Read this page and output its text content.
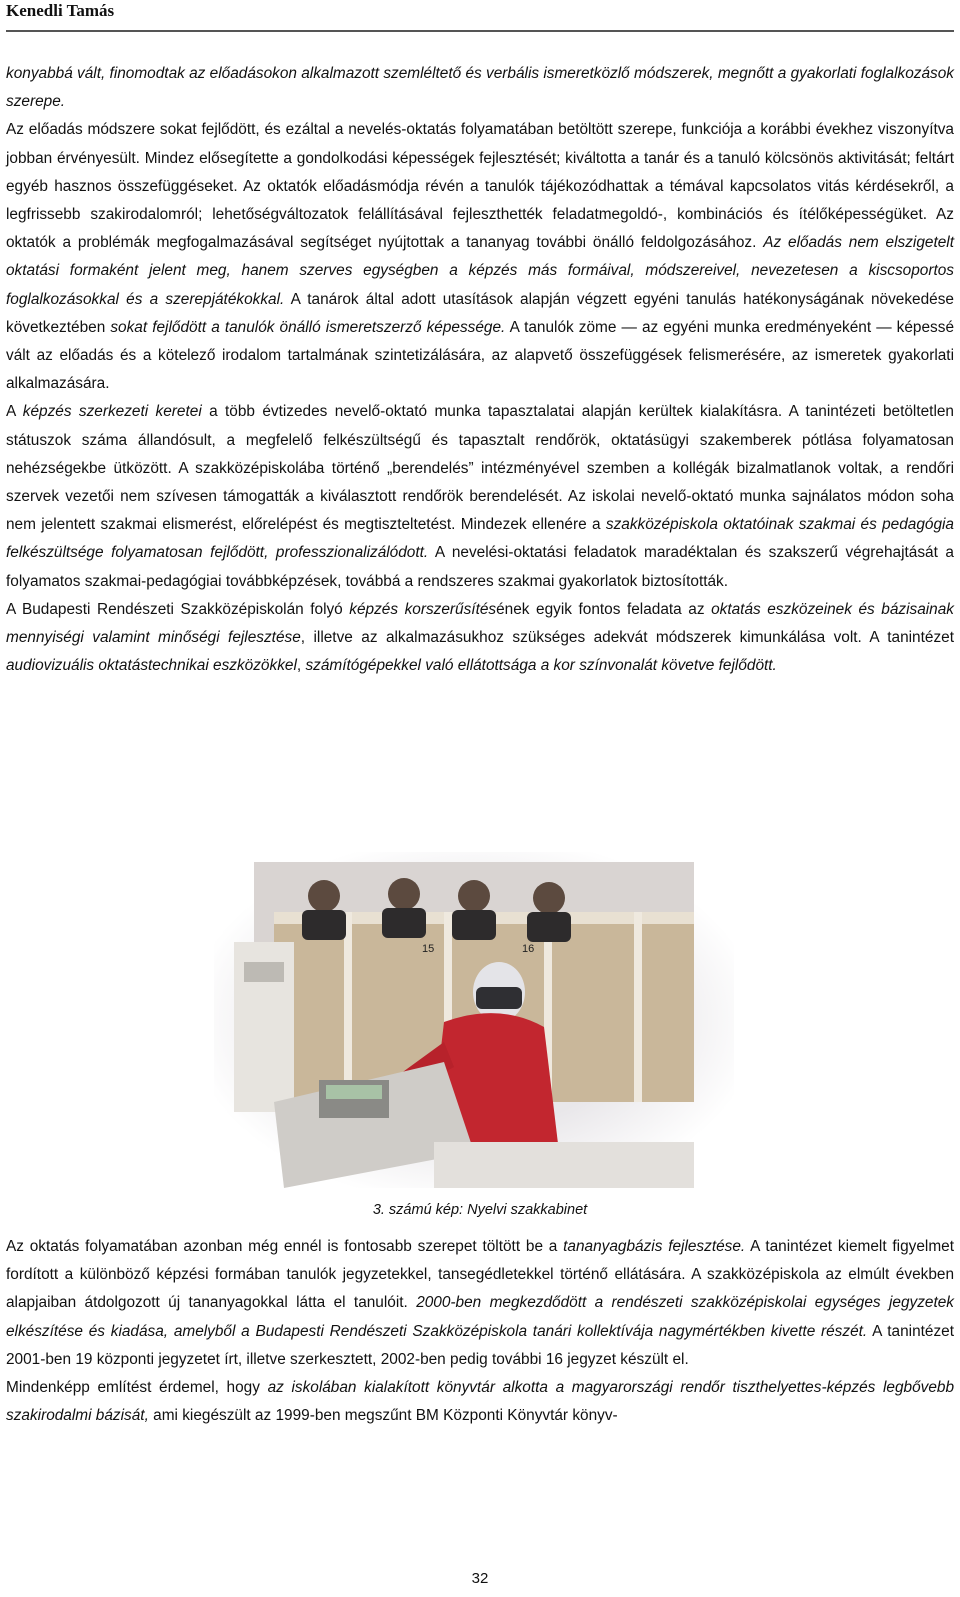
Kenedli Tamás

konyabbá vált, finomodtak az előadásokon alkalmazott szemléltető és verbális ismeretközlő módszerek, megnőtt a gyakorlati foglalkozások szerepe.

Az előadás módszere sokat fejlődött, és ezáltal a nevelés-oktatás folyamatában betöltött szerepe, funkciója a korábbi évekhez viszonyítva jobban érvényesült. Mindez elősegítette a gondolkodási képességek fejlesztését; kiváltotta a tanár és a tanuló kölcsönös aktivitását; feltárt egyéb hasznos összefüggéseket. Az oktatók előadásmódja révén a tanulók tájékozódhattak a témával kapcsolatos vitás kérdésekről, a legfrissebb szakirodalomról; lehetőségváltozatok felállításával fejleszthették feladatmegoldó-, kombinációs és ítélőképességüket. Az oktatók a problémák megfogalmazásával segítséget nyújtottak a tananyag további önálló feldolgozásához. Az előadás nem elszigetelt oktatási formaként jelent meg, hanem szerves egységben a képzés más formáival, módszereivel, nevezetesen a kiscsoportos foglalkozásokkal és a szerepjátékokkal. A tanárok által adott utasítások alapján végzett egyéni tanulás hatékonyságának növekedése következtében sokat fejlődött a tanulók önálló ismeretszerző képessége. A tanulók zöme — az egyéni munka eredményeként — képessé vált az előadás és a kötelező irodalom tartalmának szintetizálására, az alapvető összefüggések felismerésére, az ismeretek gyakorlati alkalmazására.

A képzés szerkezeti keretei a több évtizedes nevelő-oktató munka tapasztalatai alapján kerültek kialakításra. A tanintézeti betöltetlen státuszok száma állandósult, a megfelelő felkészültségű és tapasztalt rendőrök, oktatásügyi szakemberek pótlása folyamatosan nehézségekbe ütközött. A szakközépiskolába történő „berendelés” intézményével szemben a kollégák bizalmatlanok voltak, a rendőri szervek vezetői nem szívesen támogatták a kiválasztott rendőrök berendelését. Az iskolai nevelő-oktató munka sajnálatos módon soha nem jelentett szakmai elismerést, előrelépést és megtiszteltetést. Mindezek ellenére a szakközépiskola oktatóinak szakmai és pedagógia felkészültsége folyamatosan fejlődött, professzionalizálódott. A nevelési-oktatási feladatok maradéktalan és szakszerű végrehajtását a folyamatos szakmai-pedagógiai továbbképzések, továbbá a rendszeres szakmai gyakorlatok biztosították.

A Budapesti Rendészeti Szakközépiskolán folyó képzés korszerűsítésének egyik fontos feladata az oktatás eszközeinek és bázisainak mennyiségi valamint minőségi fejlesztése, illetve az alkalmazásukhoz szükséges adekvát módszerek kimunkálása volt. A tanintézet audiovizuális oktatástechnikai eszközökkel, számítógépekkel való ellátottsága a kor színvonalát követve fejlődött.

15	16
3. számú kép: Nyelvi szakkabinet

Az oktatás folyamatában azonban még ennél is fontosabb szerepet töltött be a tananyagbázis fejlesztése. A tanintézet kiemelt figyelmet fordított a különböző képzési formában tanulók jegyzetekkel, tansegédletekkel történő ellátására. A szakközépiskola az elmúlt években alapjaiban átdolgozott új tananyagokkal látta el tanulóit. 2000-ben megkezdődött a rendészeti szakközépiskolai egységes jegyzetek elkészítése és kiadása, amelyből a Budapesti Rendészeti Szakközépiskola tanári kollektívája nagymértékben kivette részét. A tanintézet 2001-ben 19 központi jegyzetet írt, illetve szerkesztett, 2002-ben pedig további 16 jegyzet készült el.

Mindenképp említést érdemel, hogy az iskolában kialakított könyvtár alkotta a magyarországi rendőr tiszthelyettes-képzés legbővebb szakirodalmi bázisát, ami kiegészült az 1999-ben megszűnt BM Központi Könyvtár könyv-

32
